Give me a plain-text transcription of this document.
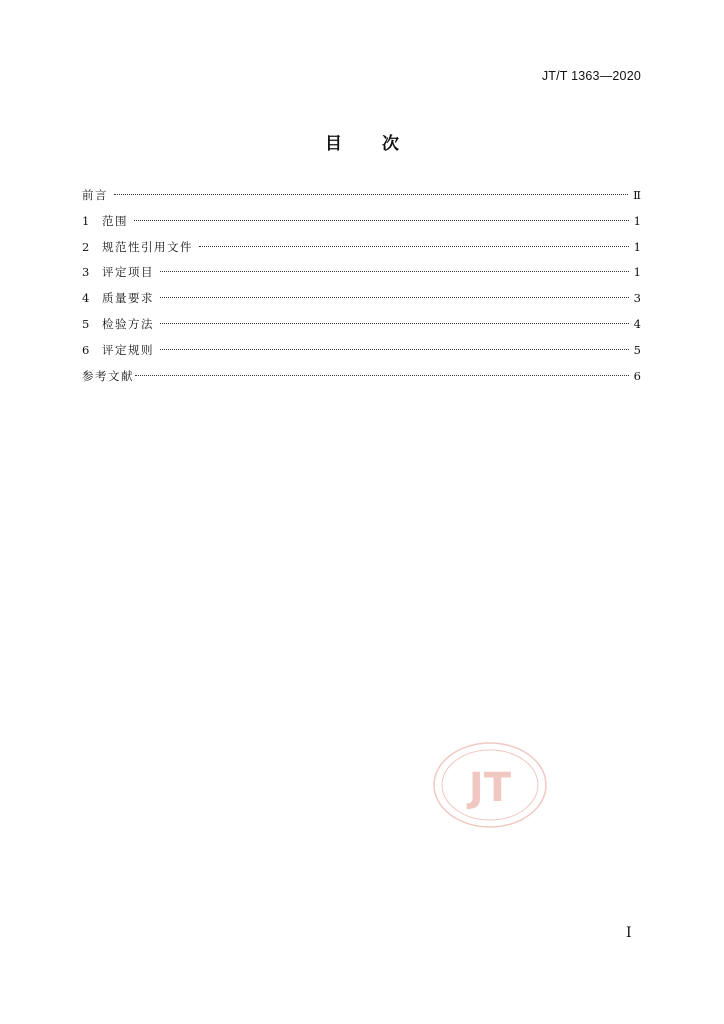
JT/T 1363—2020
目次
前言	Ⅱ
1	范围	1
2	规范性引用文件	1
3	评定项目	1
4	质量要求	3
5	检验方法	4
6	评定规则	5
参考文献	6
JT
I
